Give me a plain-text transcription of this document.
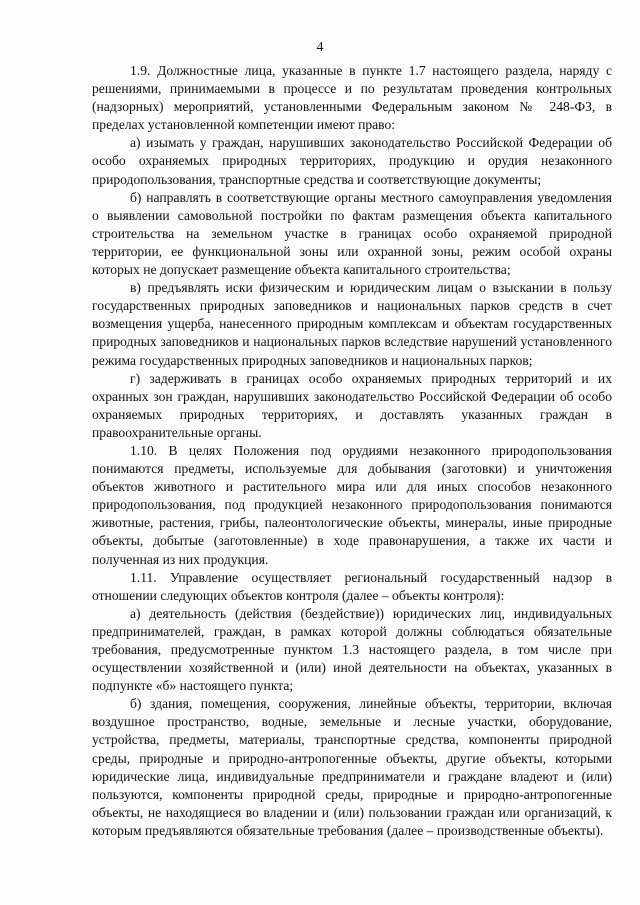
4

1.9. Должностные лица, указанные в пункте 1.7 настоящего раздела, наряду с решениями, принимаемыми в процессе и по результатам проведения контрольных (надзорных) мероприятий, установленными Федеральным законом № 248-ФЗ, в пределах установленной компетенции имеют право:

а) изымать у граждан, нарушивших законодательство Российской Федерации об особо охраняемых природных территориях, продукцию и орудия незаконного природопользования, транспортные средства и соответствующие документы;

б) направлять в соответствующие органы местного самоуправления уведомления о выявлении самовольной постройки по фактам размещения объекта капитального строительства на земельном участке в границах особо охраняемой природной территории, ее функциональной зоны или охранной зоны, режим особой охраны которых не допускает размещение объекта капитального строительства;

в) предъявлять иски физическим и юридическим лицам о взыскании в пользу государственных природных заповедников и национальных парков средств в счет возмещения ущерба, нанесенного природным комплексам и объектам государственных природных заповедников и национальных парков вследствие нарушений установленного режима государственных природных заповедников и национальных парков;

г) задерживать в границах особо охраняемых природных территорий и их охранных зон граждан, нарушивших законодательство Российской Федерации об особо охраняемых природных территориях, и доставлять указанных граждан в правоохранительные органы.

1.10. В целях Положения под орудиями незаконного природопользования понимаются предметы, используемые для добывания (заготовки) и уничтожения объектов животного и растительного мира или для иных способов незаконного природопользования, под продукцией незаконного природопользования понимаются животные, растения, грибы, палеонтологические объекты, минералы, иные природные объекты, добытые (заготовленные) в ходе правонарушения, а также их части и полученная из них продукция.

1.11. Управление осуществляет региональный государственный надзор в отношении следующих объектов контроля (далее – объекты контроля):

а) деятельность (действия (бездействие)) юридических лиц, индивидуальных предпринимателей, граждан, в рамках которой должны соблюдаться обязательные требования, предусмотренные пунктом 1.3 настоящего раздела, в том числе при осуществлении хозяйственной и (или) иной деятельности на объектах, указанных в подпункте «б» настоящего пункта;

б) здания, помещения, сооружения, линейные объекты, территории, включая воздушное пространство, водные, земельные и лесные участки, оборудование, устройства, предметы, материалы, транспортные средства, компоненты природной среды, природные и природно-антропогенные объекты, другие объекты, которыми юридические лица, индивидуальные предприниматели и граждане владеют и (или) пользуются, компоненты природной среды, природные и природно-антропогенные объекты, не находящиеся во владении и (или) пользовании граждан или организаций, к которым предъявляются обязательные требования (далее – производственные объекты).
